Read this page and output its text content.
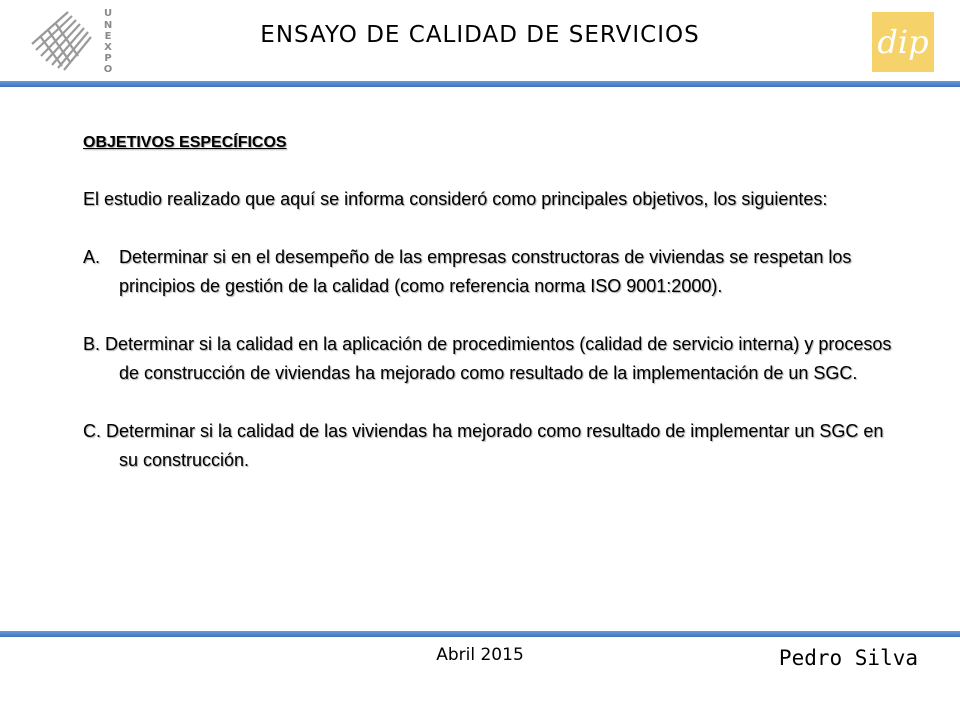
U
N
E
X
P
O
ENSAYO DE CALIDAD DE SERVICIOS	dip
OBJETIVOS ESPECÍFICOS
El estudio realizado que aquí se informa consideró como principales objetivos, los siguientes:
A.	Determinar si en el desempeño de las empresas constructoras de viviendas se respetan los principios de gestión de la calidad (como referencia norma ISO 9001:2000).
B. Determinar si la calidad en la aplicación de procedimientos (calidad de servicio interna) y procesos de construcción de viviendas ha mejorado como resultado de la implementación de un SGC.
C. Determinar si la calidad de las viviendas ha mejorado como resultado de implementar un SGC en su construcción.
Abril 2015	Pedro Silva
